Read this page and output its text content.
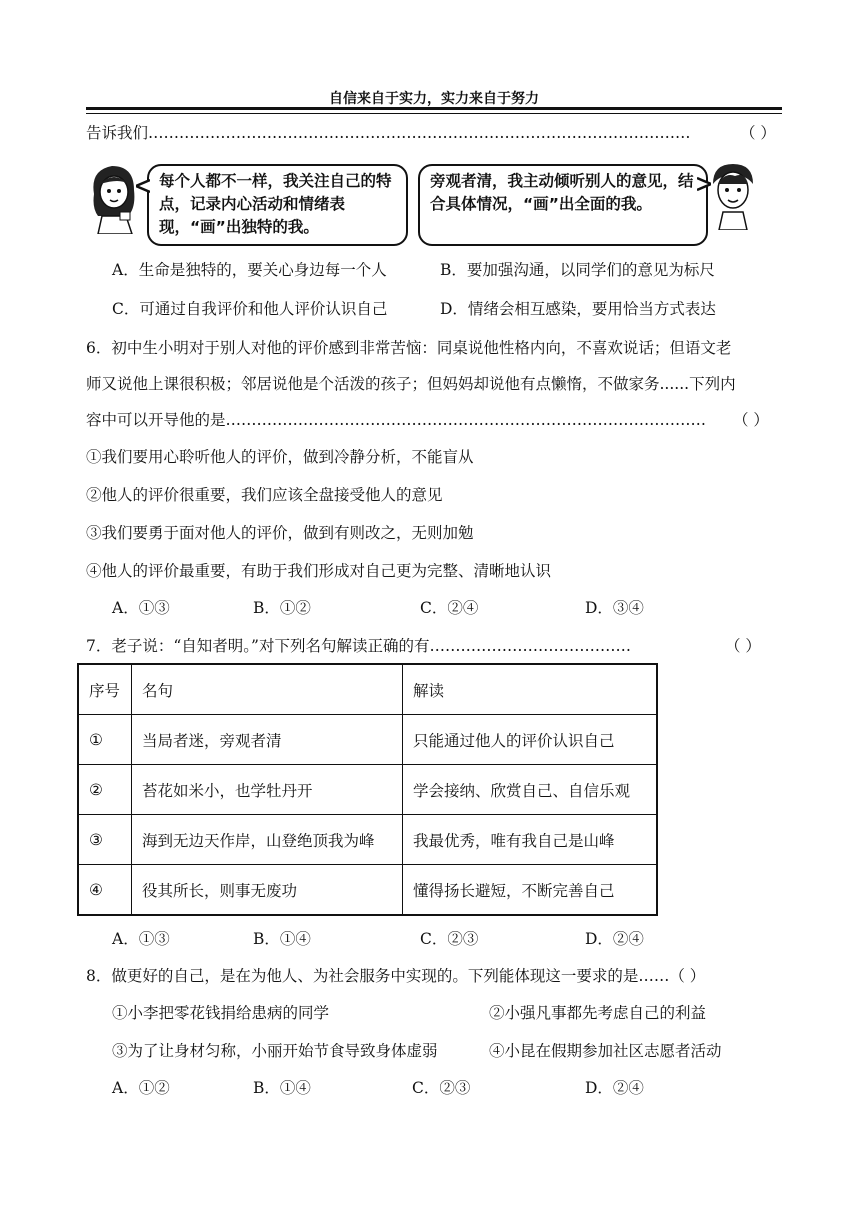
自信来自于实力，实力来自于努力
告诉我们……………………………………………………………………………………………	（ ）
每个人都不一样，我关注自己的特点，记录内心活动和情绪表现，“画”出独特的我。
旁观者清，我主动倾听别人的意见，结合具体情况，“画”出全面的我。
A．生命是独特的，要关心身边每一个人	B．要加强沟通，以同学们的意见为标尺
C．可通过自我评价和他人评价认识自己	D．情绪会相互感染，要用恰当方式表达
6．初中生小明对于别人对他的评价感到非常苦恼：同桌说他性格内向，不喜欢说话；但语文老
师又说他上课很积极；邻居说他是个活泼的孩子；但妈妈却说他有点懒惰，不做家务......下列内
容中可以开导他的是………………………………………………………………………………… （ ）
①我们要用心聆听他人的评价，做到冷静分析，不能盲从
②他人的评价很重要，我们应该全盘接受他人的意见
③我们要勇于面对他人的评价，做到有则改之，无则加勉
④他人的评价最重要，有助于我们形成对自己更为完整、清晰地认识
A．①③	B．①②	C．②④	D．③④
7．老子说：“自知者明。”对下列名句解读正确的有…………………………………	（ ）
序号	名句	解读
①	当局者迷，旁观者清	只能通过他人的评价认识自己
②	苔花如米小，也学牡丹开	学会接纳、欣赏自己、自信乐观
③	海到无边天作岸，山登绝顶我为峰	我最优秀，唯有我自己是山峰
④	役其所长，则事无废功	懂得扬长避短，不断完善自己
A．①③	B．①④	C．②③	D．②④
8．做更好的自己，是在为他人、为社会服务中实现的。下列能体现这一要求的是……（ ）
①小李把零花钱捐给患病的同学	②小强凡事都先考虑自己的利益
③为了让身材匀称，小丽开始节食导致身体虚弱	④小昆在假期参加社区志愿者活动
A．①②	B．①④	C．②③	D．②④
